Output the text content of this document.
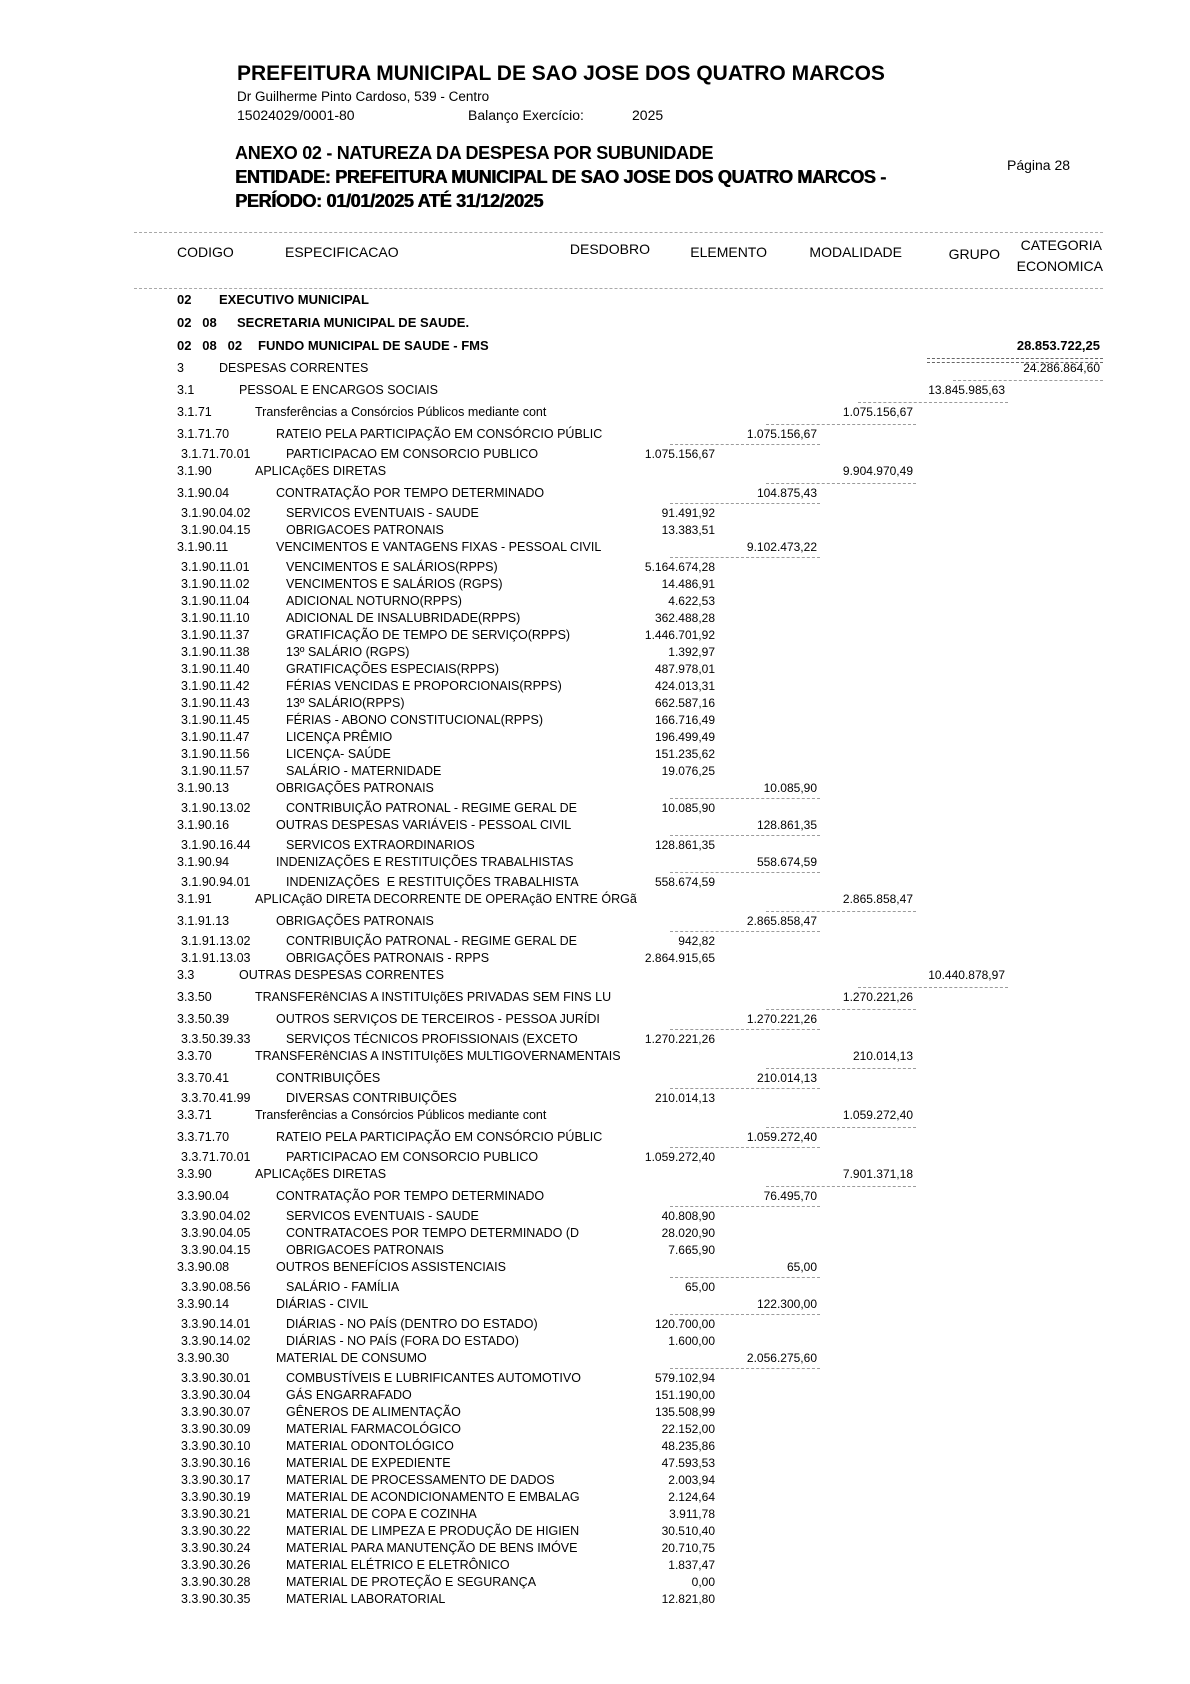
PREFEITURA MUNICIPAL DE SAO JOSE DOS QUATRO MARCOS
Dr Guilherme Pinto Cardoso, 539 - Centro
15024029/0001-80	Balanço Exercício:	2025
ANEXO 02 - NATUREZA DA DESPESA POR SUBUNIDADE
ENTIDADE: PREFEITURA MUNICIPAL DE SAO JOSE DOS QUATRO MARCOS -
PERÍODO: 01/01/2025 ATÉ 31/12/2025
Página 28
CODIGO	ESPECIFICACAO	DESDOBRO	ELEMENTO	MODALIDADE	GRUPO
CATEGORIA
ECONOMICA
02 EXECUTIVO MUNICIPAL
02   08 SECRETARIA MUNICIPAL DE SAUDE.
02   08   02 FUNDO MUNICIPAL DE SAUDE - FMS	28.853.722,25
3	DESPESAS CORRENTES	24.286.864,60
3.1	PESSOAL E ENCARGOS SOCIAIS	13.845.985,63
3.1.71	Transferências a Consórcios Públicos mediante cont	1.075.156,67
3.1.71.70	RATEIO PELA PARTICIPAÇÃO EM CONSÓRCIO PÚBLIC	1.075.156,67
3.1.71.70.01	PARTICIPACAO EM CONSORCIO PUBLICO	1.075.156,67
3.1.90	APLICAçõES DIRETAS	9.904.970,49
3.1.90.04	CONTRATAÇÃO POR TEMPO DETERMINADO	104.875,43
3.1.90.04.02	SERVICOS EVENTUAIS - SAUDE	91.491,92
3.1.90.04.15	OBRIGACOES PATRONAIS	13.383,51
3.1.90.11	VENCIMENTOS E VANTAGENS FIXAS - PESSOAL CIVIL	9.102.473,22
3.1.90.11.01	VENCIMENTOS E SALÁRIOS(RPPS)	5.164.674,28
3.1.90.11.02	VENCIMENTOS E SALÁRIOS (RGPS)	14.486,91
3.1.90.11.04	ADICIONAL NOTURNO(RPPS)	4.622,53
3.1.90.11.10	ADICIONAL DE INSALUBRIDADE(RPPS)	362.488,28
3.1.90.11.37	GRATIFICAÇÃO DE TEMPO DE SERVIÇO(RPPS)	1.446.701,92
3.1.90.11.38	13º SALÁRIO (RGPS)	1.392,97
3.1.90.11.40	GRATIFICAÇÕES ESPECIAIS(RPPS)	487.978,01
3.1.90.11.42	FÉRIAS VENCIDAS E PROPORCIONAIS(RPPS)	424.013,31
3.1.90.11.43	13º SALÁRIO(RPPS)	662.587,16
3.1.90.11.45	FÉRIAS - ABONO CONSTITUCIONAL(RPPS)	166.716,49
3.1.90.11.47	LICENÇA PRÊMIO	196.499,49
3.1.90.11.56	LICENÇA- SAÚDE	151.235,62
3.1.90.11.57	SALÁRIO - MATERNIDADE	19.076,25
3.1.90.13	OBRIGAÇÕES PATRONAIS	10.085,90
3.1.90.13.02	CONTRIBUIÇÃO PATRONAL - REGIME GERAL DE	10.085,90
3.1.90.16	OUTRAS DESPESAS VARIÁVEIS - PESSOAL CIVIL	128.861,35
3.1.90.16.44	SERVICOS EXTRAORDINARIOS	128.861,35
3.1.90.94	INDENIZAÇÕES E RESTITUIÇÕES TRABALHISTAS	558.674,59
3.1.90.94.01	INDENIZAÇÕES  E RESTITUIÇÕES TRABALHISTA	558.674,59
3.1.91	APLICAçãO DIRETA DECORRENTE DE OPERAçãO ENTRE ÓRGã	2.865.858,47
3.1.91.13	OBRIGAÇÕES PATRONAIS	2.865.858,47
3.1.91.13.02	CONTRIBUIÇÃO PATRONAL - REGIME GERAL DE	942,82
3.1.91.13.03	OBRIGAÇÕES PATRONAIS - RPPS	2.864.915,65
3.3	OUTRAS DESPESAS CORRENTES	10.440.878,97
3.3.50	TRANSFERêNCIAS A INSTITUIçõES PRIVADAS SEM FINS LU	1.270.221,26
3.3.50.39	OUTROS SERVIÇOS DE TERCEIROS - PESSOA JURÍDI	1.270.221,26
3.3.50.39.33	SERVIÇOS TÉCNICOS PROFISSIONAIS (EXCETO	1.270.221,26
3.3.70	TRANSFERêNCIAS A INSTITUIçõES MULTIGOVERNAMENTAIS	210.014,13
3.3.70.41	CONTRIBUIÇÕES	210.014,13
3.3.70.41.99	DIVERSAS CONTRIBUIÇÕES	210.014,13
3.3.71	Transferências a Consórcios Públicos mediante cont	1.059.272,40
3.3.71.70	RATEIO PELA PARTICIPAÇÃO EM CONSÓRCIO PÚBLIC	1.059.272,40
3.3.71.70.01	PARTICIPACAO EM CONSORCIO PUBLICO	1.059.272,40
3.3.90	APLICAçõES DIRETAS	7.901.371,18
3.3.90.04	CONTRATAÇÃO POR TEMPO DETERMINADO	76.495,70
3.3.90.04.02	SERVICOS EVENTUAIS - SAUDE	40.808,90
3.3.90.04.05	CONTRATACOES POR TEMPO DETERMINADO (D	28.020,90
3.3.90.04.15	OBRIGACOES PATRONAIS	7.665,90
3.3.90.08	OUTROS BENEFÍCIOS ASSISTENCIAIS	65,00
3.3.90.08.56	SALÁRIO - FAMÍLIA	65,00
3.3.90.14	DIÁRIAS - CIVIL	122.300,00
3.3.90.14.01	DIÁRIAS - NO PAÍS (DENTRO DO ESTADO)	120.700,00
3.3.90.14.02	DIÁRIAS - NO PAÍS (FORA DO ESTADO)	1.600,00
3.3.90.30	MATERIAL DE CONSUMO	2.056.275,60
3.3.90.30.01	COMBUSTÍVEIS E LUBRIFICANTES AUTOMOTIVO	579.102,94
3.3.90.30.04	GÁS ENGARRAFADO	151.190,00
3.3.90.30.07	GÊNEROS DE ALIMENTAÇÃO	135.508,99
3.3.90.30.09	MATERIAL FARMACOLÓGICO	22.152,00
3.3.90.30.10	MATERIAL ODONTOLÓGICO	48.235,86
3.3.90.30.16	MATERIAL DE EXPEDIENTE	47.593,53
3.3.90.30.17	MATERIAL DE PROCESSAMENTO DE DADOS	2.003,94
3.3.90.30.19	MATERIAL DE ACONDICIONAMENTO E EMBALAG	2.124,64
3.3.90.30.21	MATERIAL DE COPA E COZINHA	3.911,78
3.3.90.30.22	MATERIAL DE LIMPEZA E PRODUÇÃO DE HIGIEN	30.510,40
3.3.90.30.24	MATERIAL PARA MANUTENÇÃO DE BENS IMÓVE	20.710,75
3.3.90.30.26	MATERIAL ELÉTRICO E ELETRÔNICO	1.837,47
3.3.90.30.28	MATERIAL DE PROTEÇÃO E SEGURANÇA	0,00
3.3.90.30.35	MATERIAL LABORATORIAL	12.821,80
